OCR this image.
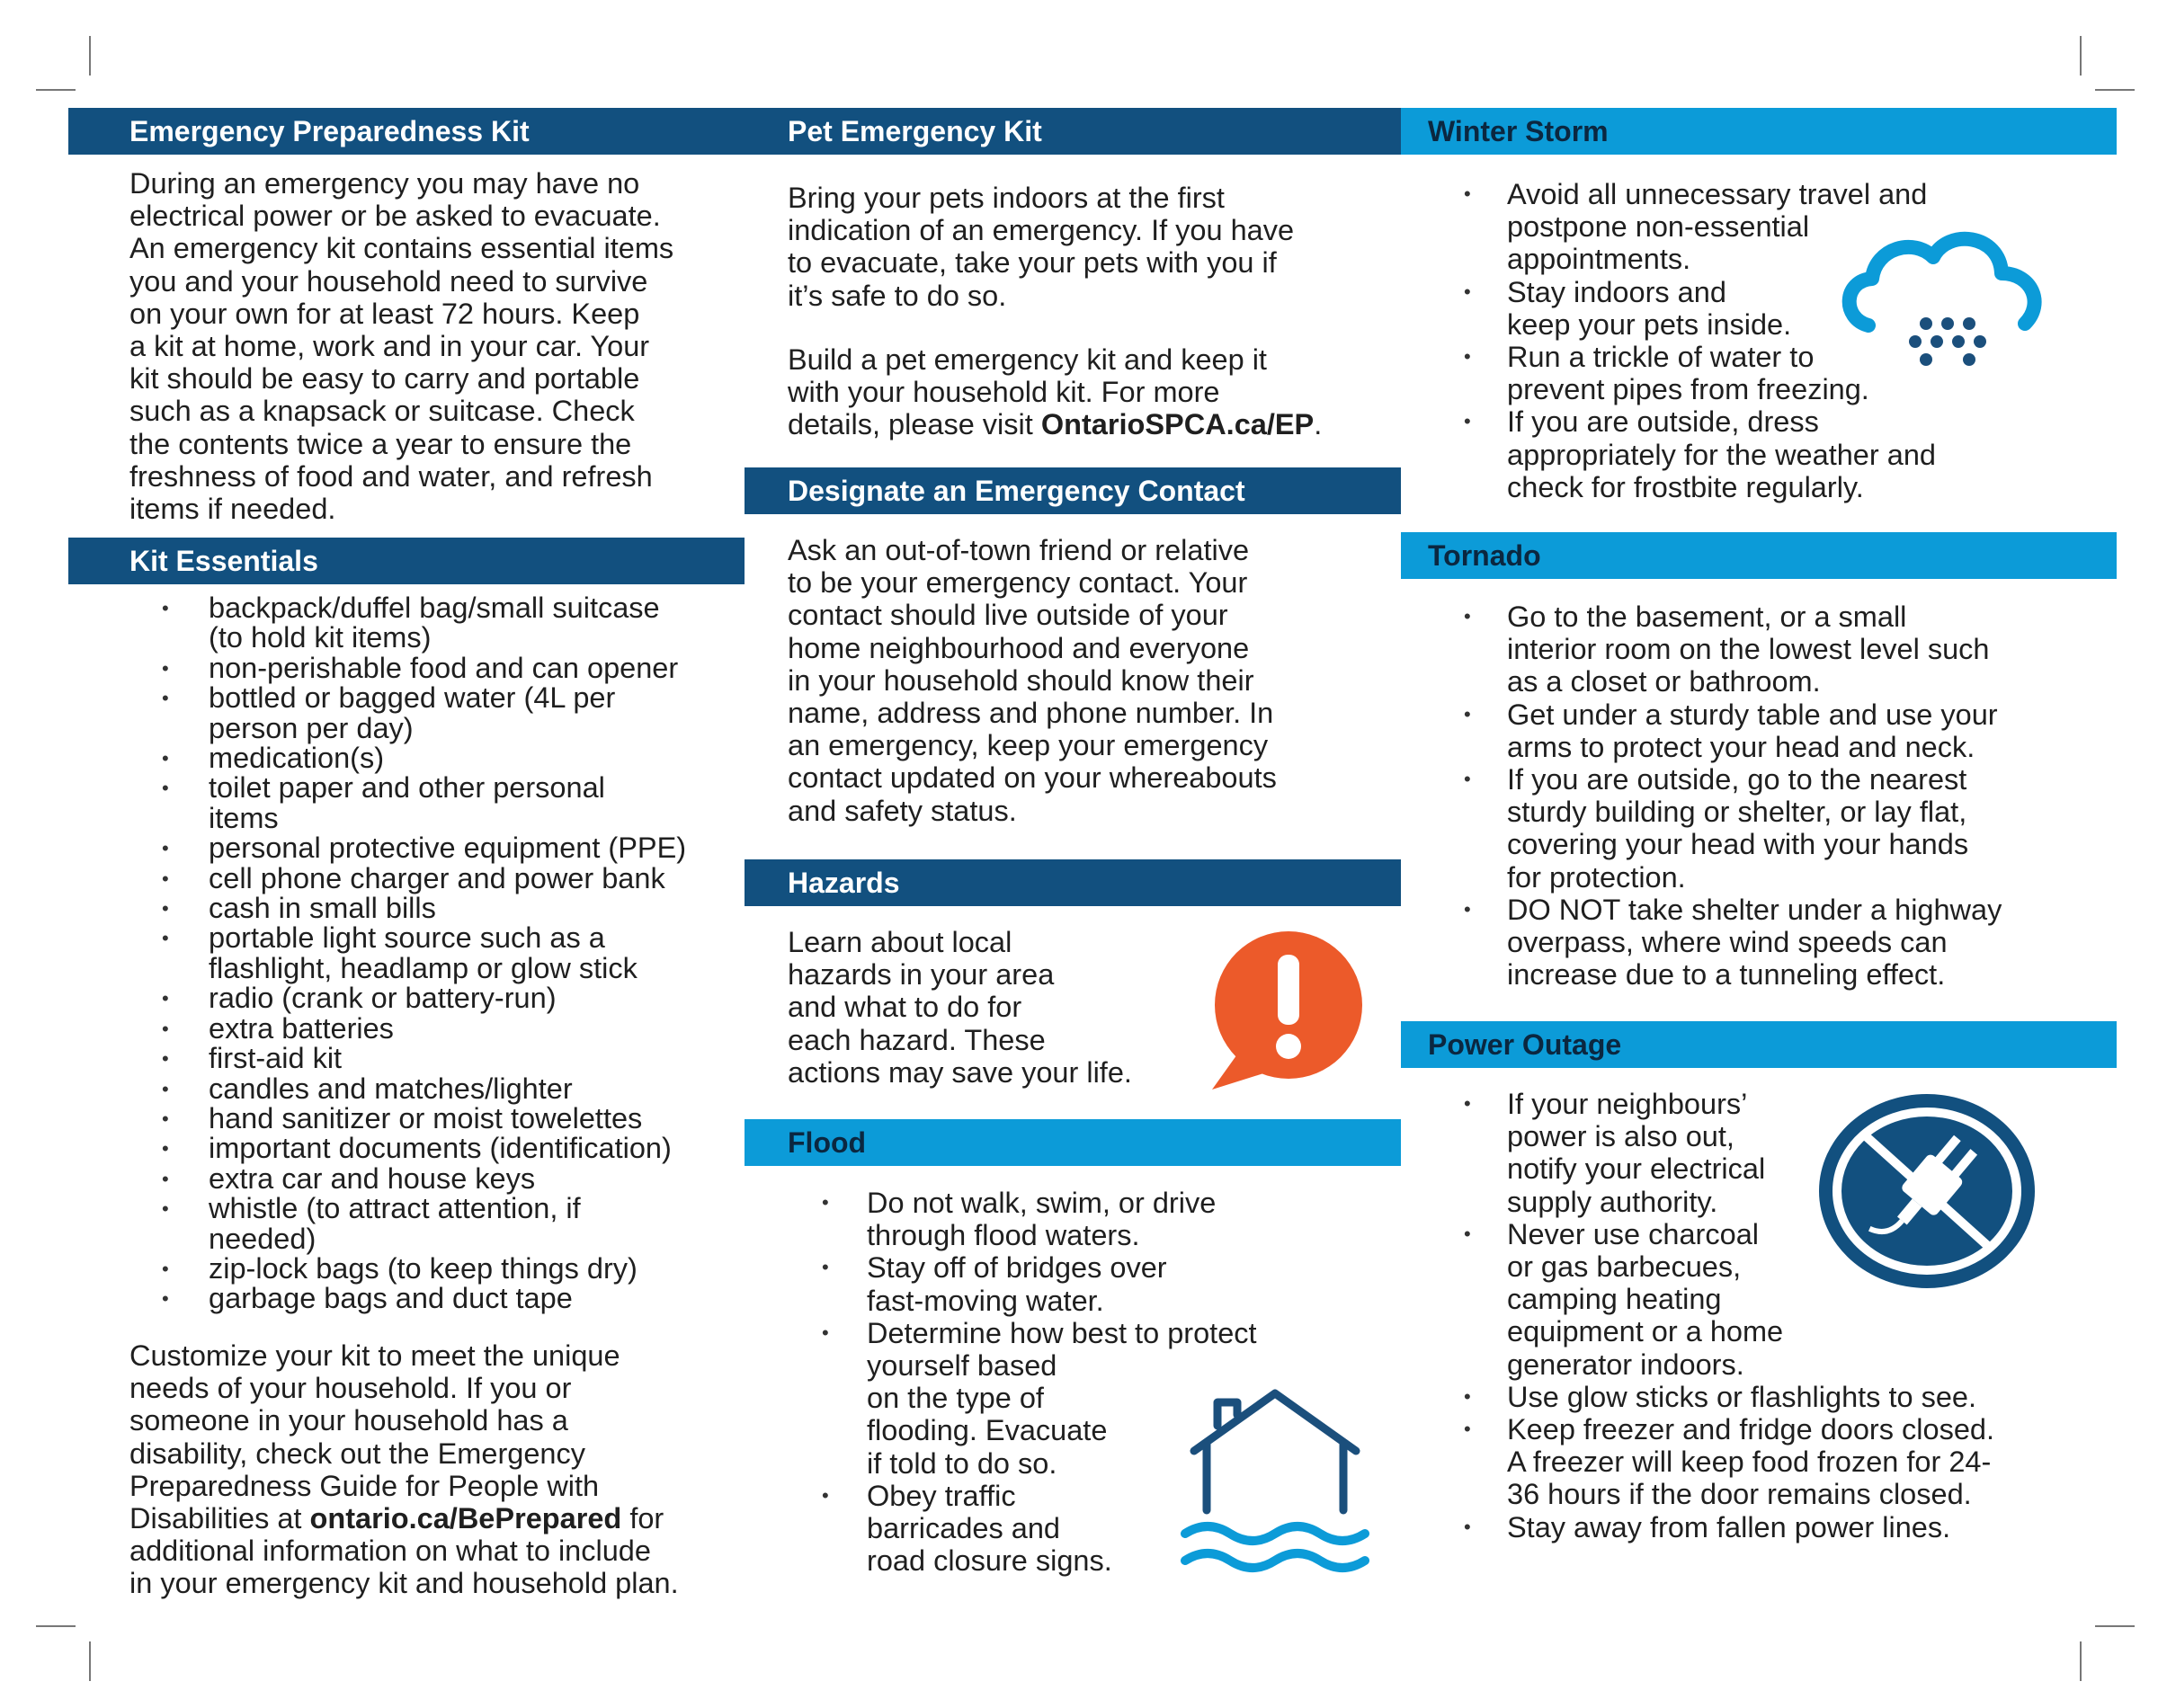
Emergency Preparedness Kit
During an emergency you may have no
electrical power or be asked to evacuate.
An emergency kit contains essential items
you and your household need to survive
on your own for at least 72 hours. Keep
a kit at home, work and in your car. Your
kit should be easy to carry and portable
such as a knapsack or suitcase. Check
the contents twice a year to ensure the
freshness of food and water, and refresh
items if needed.
Kit Essentials
• backpack/duffel bag/small suitcase
(to hold kit items)
• non-perishable food and can opener
• bottled or bagged water (4L per
person per day)
• medication(s)
• toilet paper and other personal
items
• personal protective equipment (PPE)
• cell phone charger and power bank
• cash in small bills
• portable light source such as a
flashlight, headlamp or glow stick
• radio (crank or battery-run)
• extra batteries
• first-aid kit
• candles and matches/lighter
• hand sanitizer or moist towelettes
• important documents (identification)
• extra car and house keys
• whistle (to attract attention, if
needed)
• zip-lock bags (to keep things dry)
• garbage bags and duct tape
Customize your kit to meet the unique
needs of your household. If you or
someone in your household has a
disability, check out the Emergency
Preparedness Guide for People with
Disabilities at ontario.ca/BePrepared for
additional information on what to include
in your emergency kit and household plan.
Pet Emergency Kit
Bring your pets indoors at the first
indication of an emergency. If you have
to evacuate, take your pets with you if
it’s safe to do so.
Build a pet emergency kit and keep it
with your household kit. For more
details, please visit OntarioSPCA.ca/EP.
Designate an Emergency Contact
Ask an out-of-town friend or relative
to be your emergency contact. Your
contact should live outside of your
home neighbourhood and everyone
in your household should know their
name, address and phone number. In
an emergency, keep your emergency
contact updated on your whereabouts
and safety status.
Hazards
Learn about local
hazards in your area
and what to do for
each hazard. These
actions may save your life.
Flood
• Do not walk, swim, or drive
through flood waters.
• Stay off of bridges over
fast-moving water.
• Determine how best to protect
yourself based
on the type of
flooding. Evacuate
if told to do so.
• Obey traffic
barricades and
road closure signs.
Winter Storm
• Avoid all unnecessary travel and
postpone non-essential
appointments.
• Stay indoors and
keep your pets inside.
• Run a trickle of water to
prevent pipes from freezing.
• If you are outside, dress
appropriately for the weather and
check for frostbite regularly.
Tornado
• Go to the basement, or a small
interior room on the lowest level such
as a closet or bathroom.
• Get under a sturdy table and use your
arms to protect your head and neck.
• If you are outside, go to the nearest
sturdy building or shelter, or lay flat,
covering your head with your hands
for protection.
• DO NOT take shelter under a highway
overpass, where wind speeds can
increase due to a tunneling effect.
Power Outage
• If your neighbours’
power is also out,
notify your electrical
supply authority.
• Never use charcoal
or gas barbecues,
camping heating
equipment or a home
generator indoors.
• Use glow sticks or flashlights to see.
• Keep freezer and fridge doors closed.
A freezer will keep food frozen for 24-
36 hours if the door remains closed.
• Stay away from fallen power lines.
